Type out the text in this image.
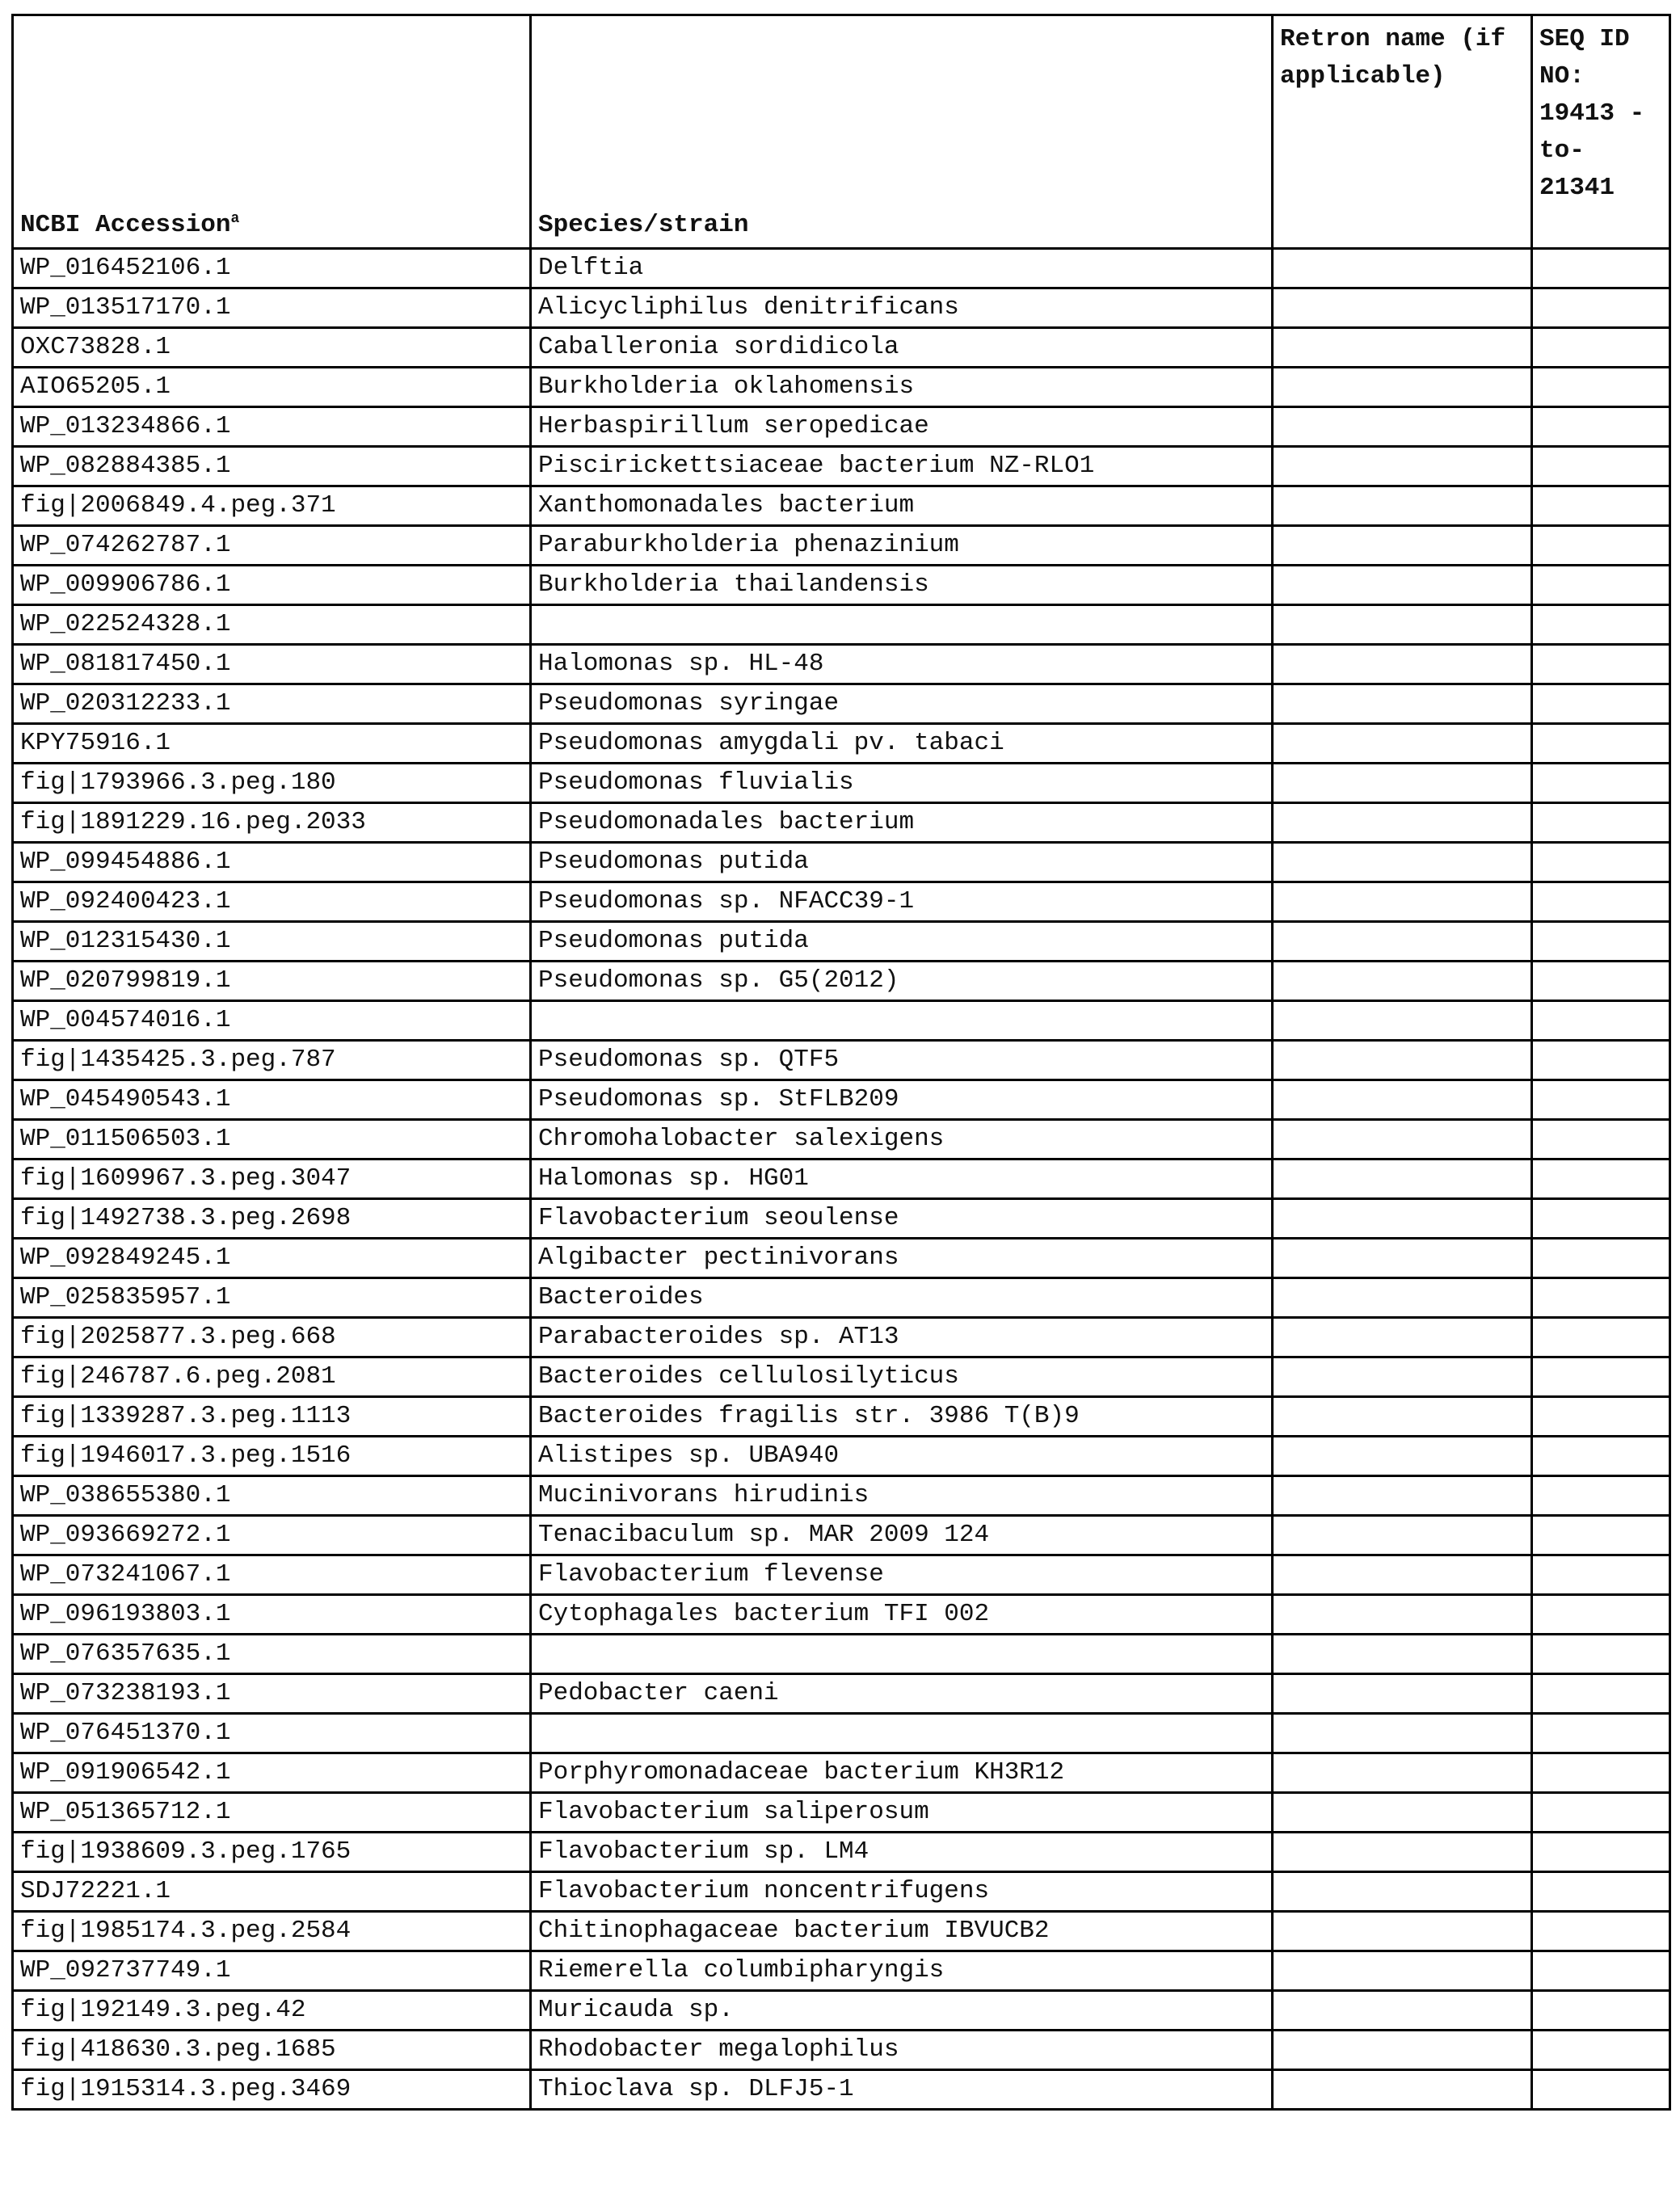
NCBI Accessiona	Species/strain	Retron name (if applicable)	SEQ ID NO: 19413 -to- 21341
WP_016452106.1	Delftia		
WP_013517170.1	Alicycliphilus denitrificans		
OXC73828.1	Caballeronia sordidicola		
AIO65205.1	Burkholderia oklahomensis		
WP_013234866.1	Herbaspirillum seropedicae		
WP_082884385.1	Piscirickettsiaceae bacterium NZ-RLO1		
fig|2006849.4.peg.371	Xanthomonadales bacterium		
WP_074262787.1	Paraburkholderia phenazinium		
WP_009906786.1	Burkholderia thailandensis		
WP_022524328.1			
WP_081817450.1	Halomonas sp. HL-48		
WP_020312233.1	Pseudomonas syringae		
KPY75916.1	Pseudomonas amygdali pv. tabaci		
fig|1793966.3.peg.180	Pseudomonas fluvialis		
fig|1891229.16.peg.2033	Pseudomonadales bacterium		
WP_099454886.1	Pseudomonas putida		
WP_092400423.1	Pseudomonas sp. NFACC39-1		
WP_012315430.1	Pseudomonas putida		
WP_020799819.1	Pseudomonas sp. G5(2012)		
WP_004574016.1			
fig|1435425.3.peg.787	Pseudomonas sp. QTF5		
WP_045490543.1	Pseudomonas sp. StFLB209		
WP_011506503.1	Chromohalobacter salexigens		
fig|1609967.3.peg.3047	Halomonas sp. HG01		
fig|1492738.3.peg.2698	Flavobacterium seoulense		
WP_092849245.1	Algibacter pectinivorans		
WP_025835957.1	Bacteroides		
fig|2025877.3.peg.668	Parabacteroides sp. AT13		
fig|246787.6.peg.2081	Bacteroides cellulosilyticus		
fig|1339287.3.peg.1113	Bacteroides fragilis str. 3986 T(B)9		
fig|1946017.3.peg.1516	Alistipes sp. UBA940		
WP_038655380.1	Mucinivorans hirudinis		
WP_093669272.1	Tenacibaculum sp. MAR 2009 124		
WP_073241067.1	Flavobacterium flevense		
WP_096193803.1	Cytophagales bacterium TFI 002		
WP_076357635.1			
WP_073238193.1	Pedobacter caeni		
WP_076451370.1			
WP_091906542.1	Porphyromonadaceae bacterium KH3R12		
WP_051365712.1	Flavobacterium saliperosum		
fig|1938609.3.peg.1765	Flavobacterium sp. LM4		
SDJ72221.1	Flavobacterium noncentrifugens		
fig|1985174.3.peg.2584	Chitinophagaceae bacterium IBVUCB2		
WP_092737749.1	Riemerella columbipharyngis		
fig|192149.3.peg.42	Muricauda sp.		
fig|418630.3.peg.1685	Rhodobacter megalophilus		
fig|1915314.3.peg.3469	Thioclava sp. DLFJ5-1		
